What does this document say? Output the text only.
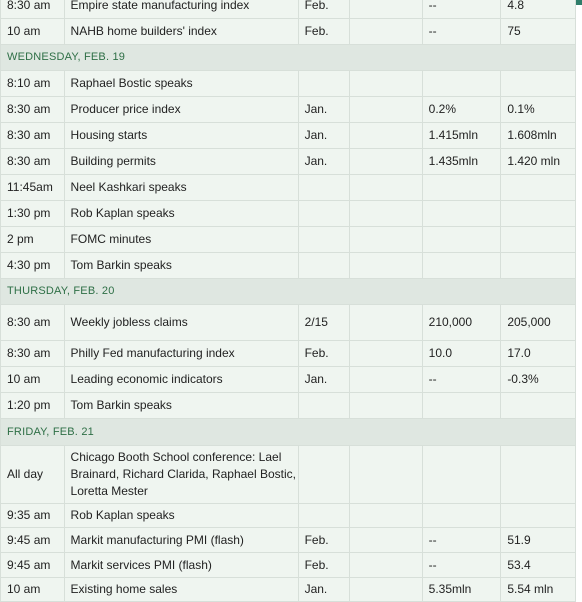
8:30 am	Empire state manufacturing index	Feb.		--	4.8
10 am	NAHB home builders' index	Feb.		--	75
WEDNESDAY, FEB. 19					
8:10 am	Raphael Bostic speaks				
8:30 am	Producer price index	Jan.		0.2%	0.1%
8:30 am	Housing starts	Jan.		1.415mln	1.608mln
8:30 am	Building permits	Jan.		1.435mln	1.420 mln
11:45am	Neel Kashkari speaks				
1:30 pm	Rob Kaplan speaks				
2 pm	FOMC minutes				
4:30 pm	Tom Barkin speaks				
THURSDAY, FEB. 20					
8:30 am	Weekly jobless claims	2/15		210,000	205,000
8:30 am	Philly Fed manufacturing index	Feb.		10.0	17.0
10 am	Leading economic indicators	Jan.		--	-0.3%
1:20 pm	Tom Barkin speaks				
FRIDAY, FEB. 21					
All day	Chicago Booth School conference: Lael Brainard, Richard Clarida, Raphael Bostic, Loretta Mester				
9:35 am	Rob Kaplan speaks				
9:45 am	Markit manufacturing PMI (flash)	Feb.		--	51.9
9:45 am	Markit services PMI (flash)	Feb.		--	53.4
10 am	Existing home sales	Jan.		5.35mln	5.54 mln
